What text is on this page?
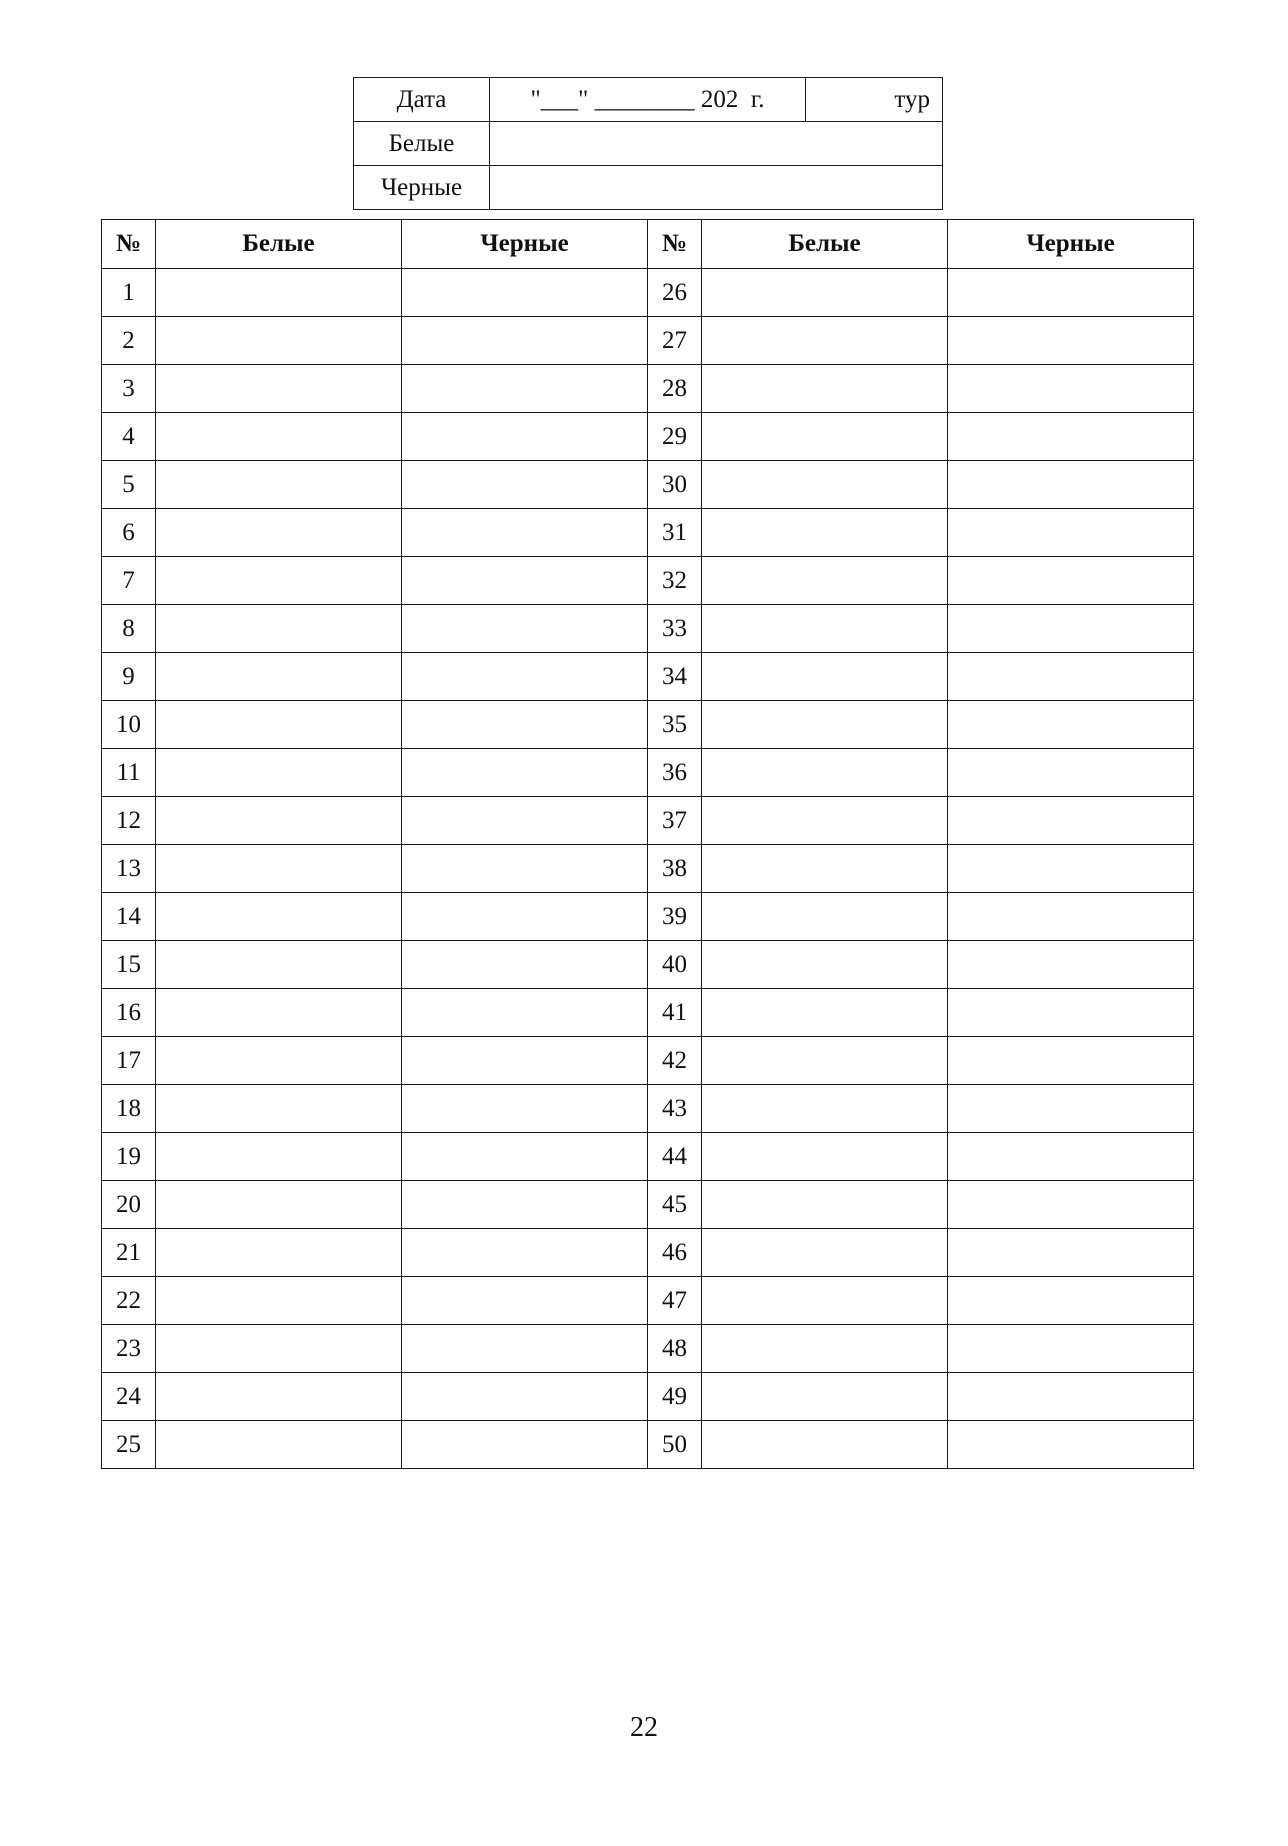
Дата	"___" ________ 202  г.	тур
Белые		
Черные		
№	Белые	Черные	№	Белые	Черные
1			26		
2			27		
3			28		
4			29		
5			30		
6			31		
7			32		
8			33		
9			34		
10			35		
11			36		
12			37		
13			38		
14			39		
15			40		
16			41		
17			42		
18			43		
19			44		
20			45		
21			46		
22			47		
23			48		
24			49		
25			50		
22
